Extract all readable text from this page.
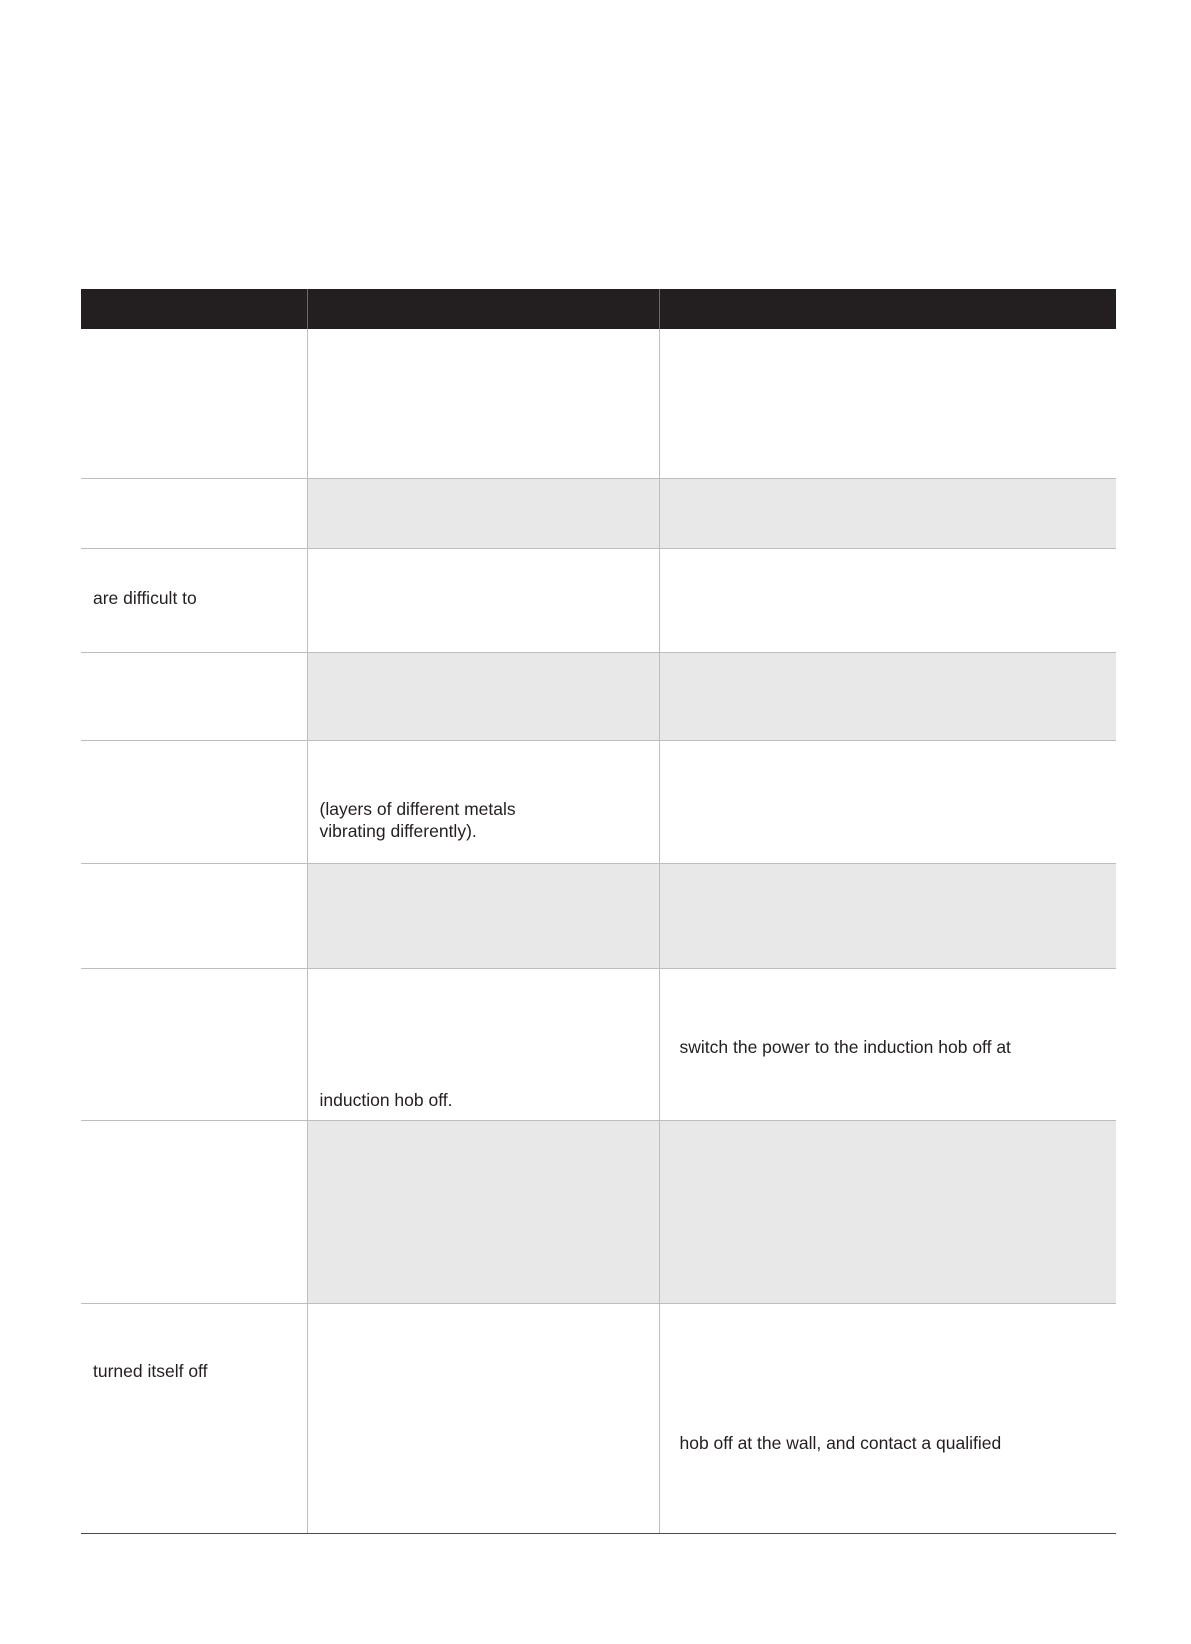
are difficult to		

	(layers of different metals
vibrating differently).	

	induction hob off.	switch the power to the induction hob off at

turned itself off		hob off at the wall, and contact a qualified
